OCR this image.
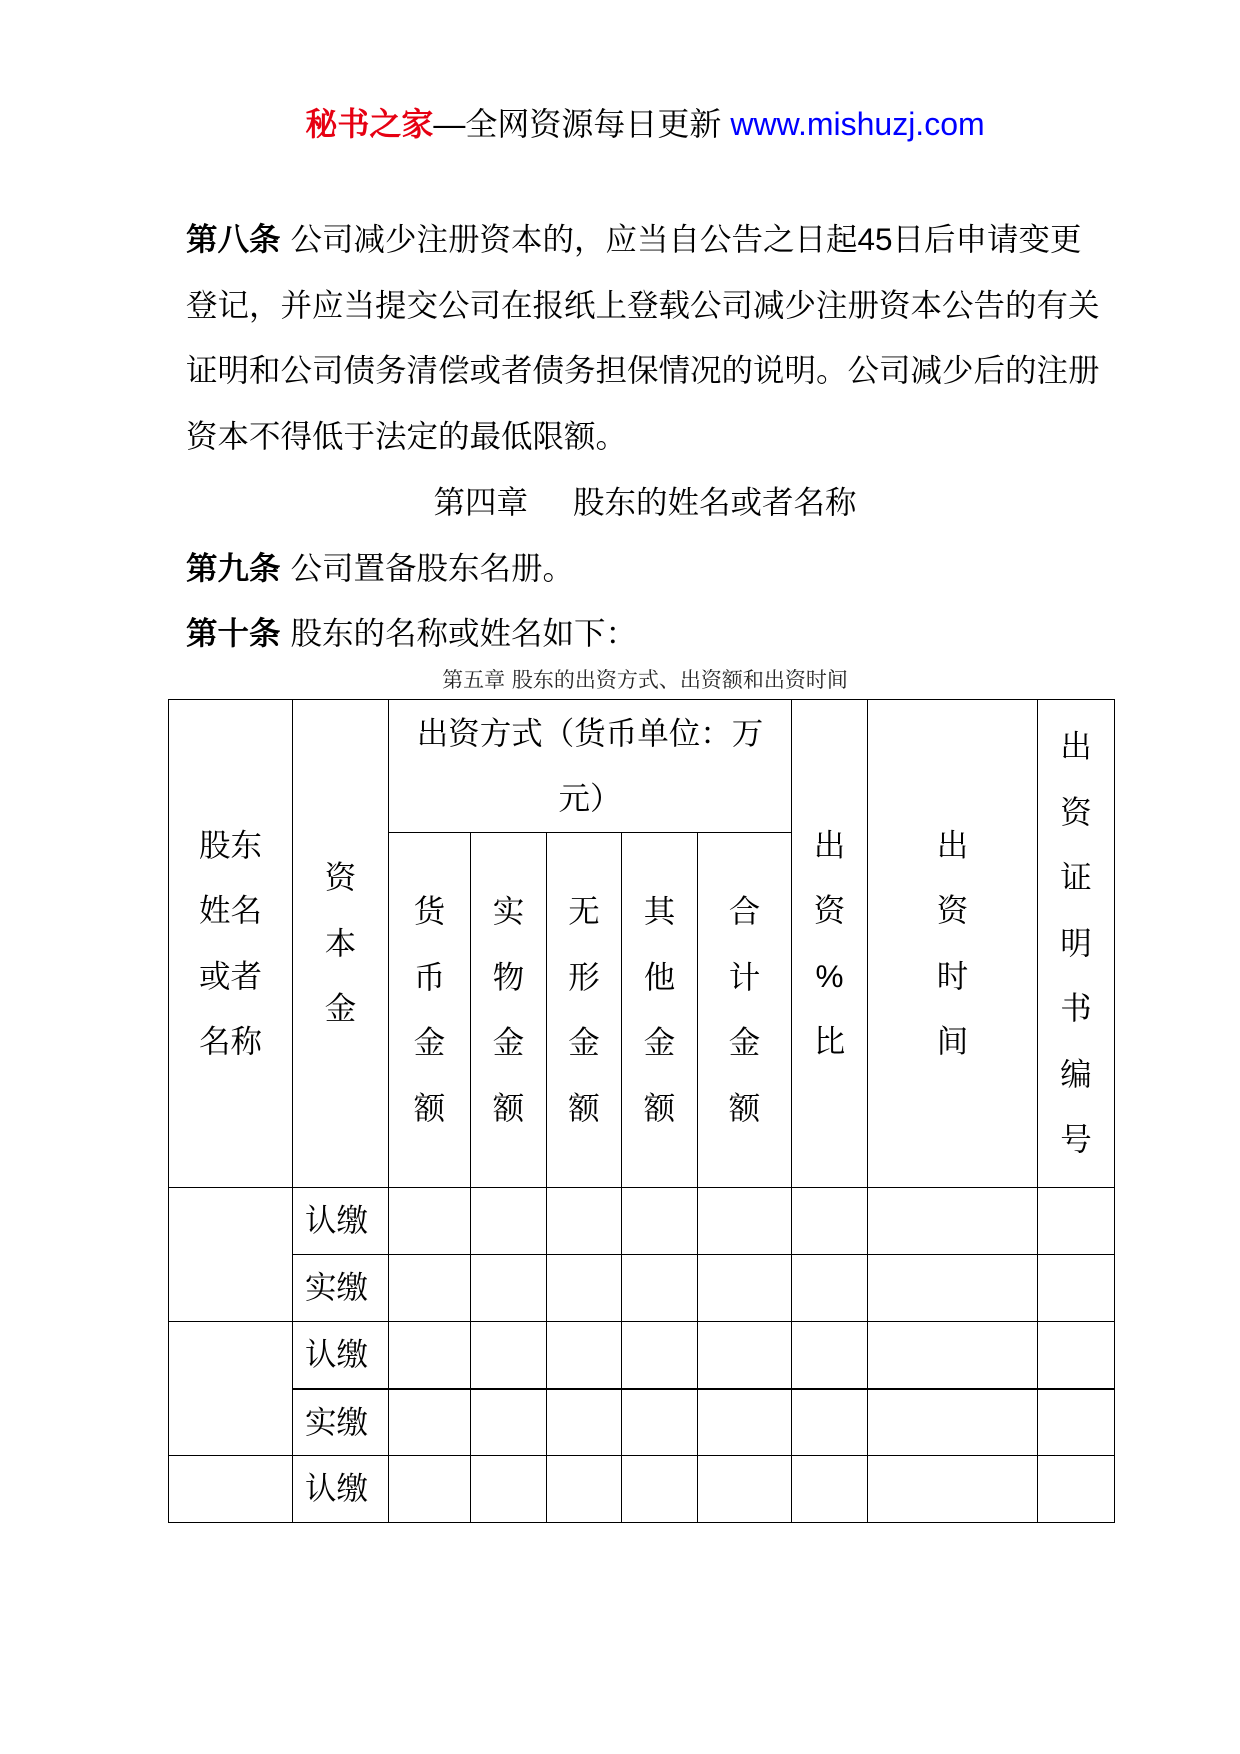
秘书之家—全网资源每日更新 www.mishuzj.com

第八条 公司减少注册资本的，应当自公告之日起45日后申请变更登记，并应当提交公司在报纸上登载公司减少注册资本公告的有关证明和公司债务清偿或者债务担保情况的说明。公司减少后的注册资本不得低于法定的最低限额。

第四章 股东的姓名或者名称

第九条 公司置备股东名册。

第十条 股东的名称或姓名如下：

第五章 股东的出资方式、出资额和出资时间

股东姓名或者名称	资本金	出资方式（货币单位：万元）					出资%比	出资时间	出资证明书编号

		货币金额	实物金额	无形金额	其他金额	合计金额			

	认缴								
	实缴								
	认缴								
	实缴								
	认缴								
